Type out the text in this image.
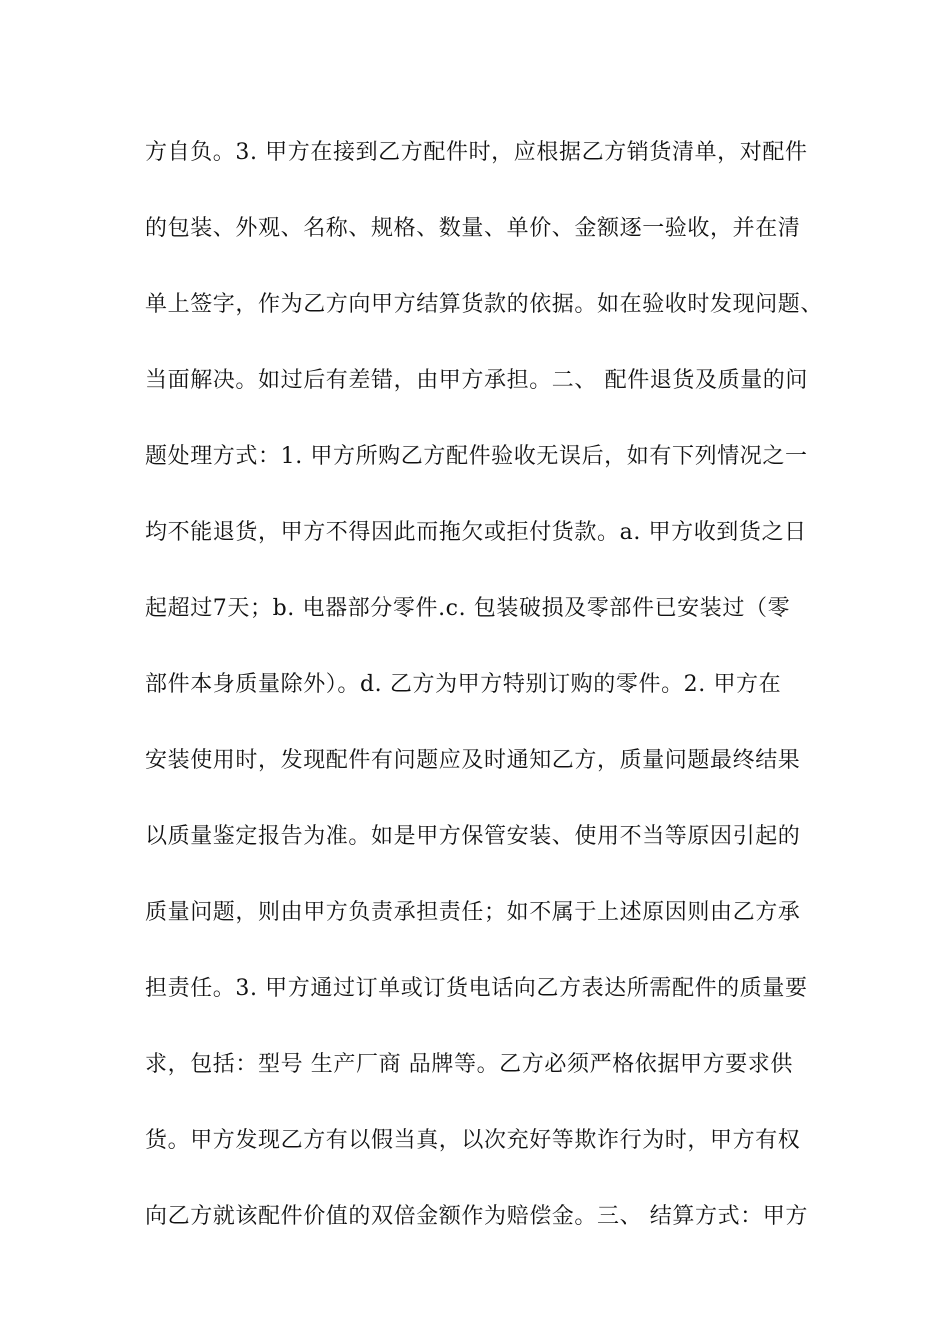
方自负。3. 甲方在接到乙方配件时，应根据乙方销货清单，对配件
的包装、外观、名称、规格、数量、单价、金额逐一验收，并在清
单上签字，作为乙方向甲方结算货款的依据。如在验收时发现问题、
当面解决。如过后有差错，由甲方承担。二、 配件退货及质量的问
题处理方式：1. 甲方所购乙方配件验收无误后，如有下列情况之一
均不能退货，甲方不得因此而拖欠或拒付货款。a. 甲方收到货之日
起超过7天；b. 电器部分零件.c. 包装破损及零部件已安装过（零
部件本身质量除外）。d. 乙方为甲方特别订购的零件。2. 甲方在
安装使用时，发现配件有问题应及时通知乙方，质量问题最终结果
以质量鉴定报告为准。如是甲方保管安装、使用不当等原因引起的
质量问题，则由甲方负责承担责任；如不属于上述原因则由乙方承
担责任。3. 甲方通过订单或订货电话向乙方表达所需配件的质量要
求，包括：型号 生产厂商 品牌等。乙方必须严格依据甲方要求供
货。甲方发现乙方有以假当真，以次充好等欺诈行为时，甲方有权
向乙方就该配件价值的双倍金额作为赔偿金。三、 结算方式：甲方
